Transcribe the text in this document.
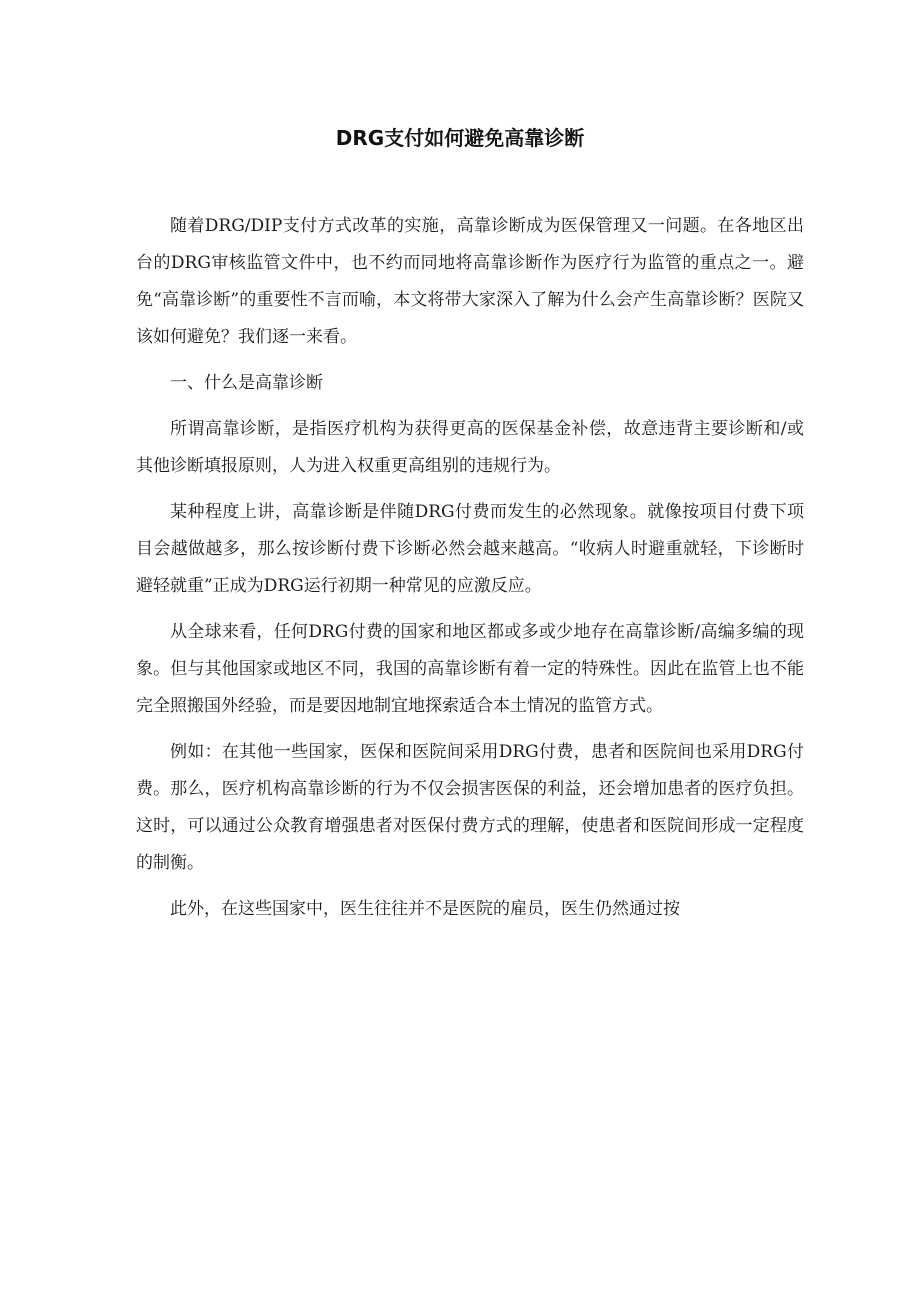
DRG支付如何避免高靠诊断

随着DRG/DIP支付方式改革的实施，高靠诊断成为医保管理又一问题。在各地区出台的DRG审核监管文件中，也不约而同地将高靠诊断作为医疗行为监管的重点之一。避免“高靠诊断”的重要性不言而喻，本文将带大家深入了解为什么会产生高靠诊断？医院又该如何避免？我们逐一来看。

一、什么是高靠诊断

所谓高靠诊断，是指医疗机构为获得更高的医保基金补偿，故意违背主要诊断和/或其他诊断填报原则，人为进入权重更高组别的违规行为。

某种程度上讲，高靠诊断是伴随DRG付费而发生的必然现象。就像按项目付费下项目会越做越多，那么按诊断付费下诊断必然会越来越高。“收病人时避重就轻，下诊断时避轻就重”正成为DRG运行初期一种常见的应激反应。

从全球来看，任何DRG付费的国家和地区都或多或少地存在高靠诊断/高编多编的现象。但与其他国家或地区不同，我国的高靠诊断有着一定的特殊性。因此在监管上也不能完全照搬国外经验，而是要因地制宜地探索适合本土情况的监管方式。

例如：在其他一些国家，医保和医院间采用DRG付费，患者和医院间也采用DRG付费。那么，医疗机构高靠诊断的行为不仅会损害医保的利益，还会增加患者的医疗负担。这时，可以通过公众教育增强患者对医保付费方式的理解，使患者和医院间形成一定程度的制衡。

此外，在这些国家中，医生往往并不是医院的雇员，医生仍然通过按
